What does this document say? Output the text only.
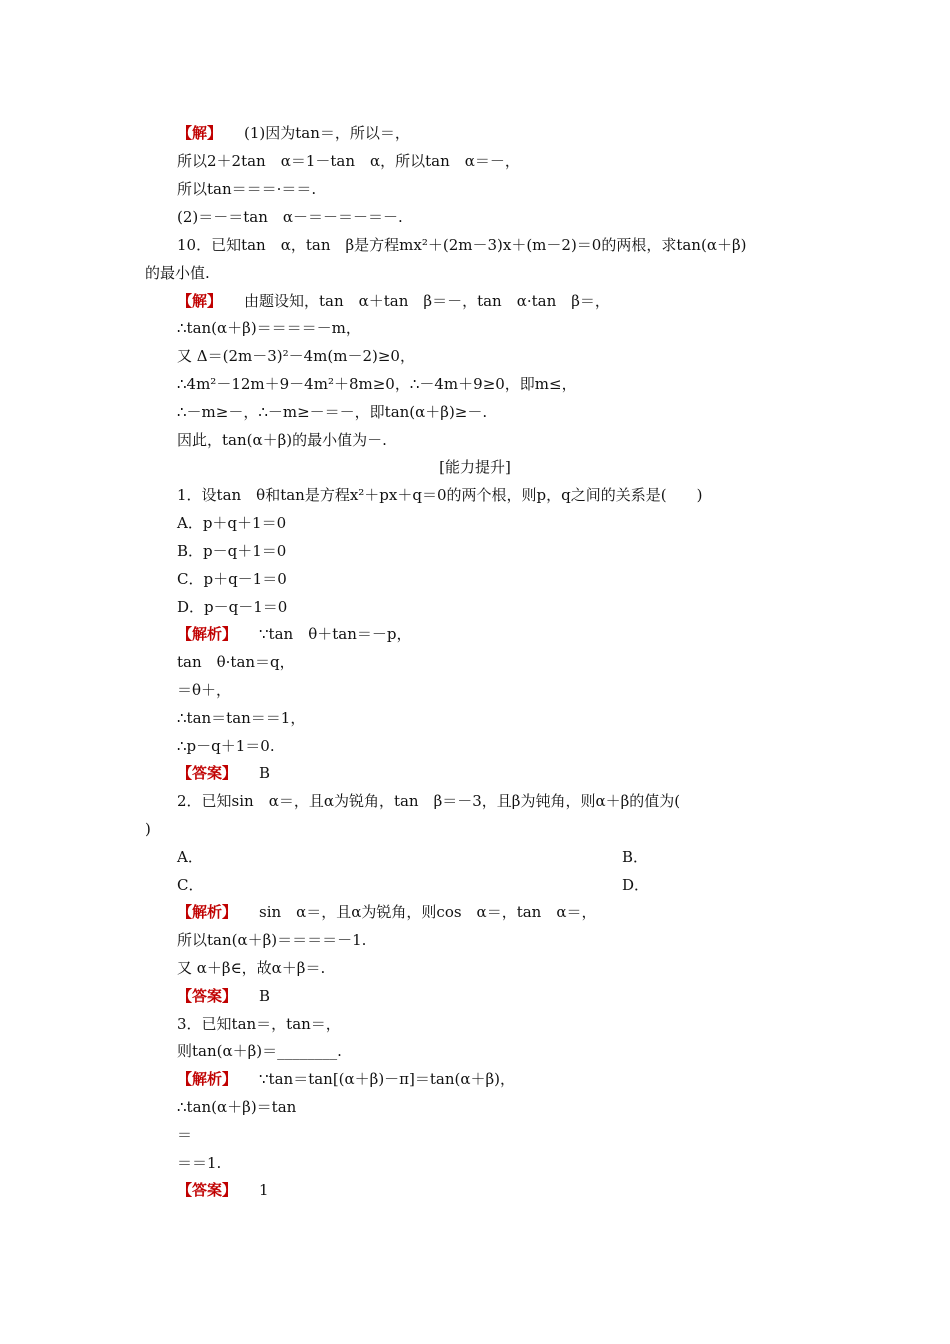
【解】 (1)因为tan＝，所以＝，
所以2＋2tan　α＝1－tan　α，所以tan　α＝－，
所以tan＝＝＝·＝＝.
(2)＝－＝tan　α－＝－＝－＝－.
10．已知tan　α，tan　β是方程mx²＋(2m－3)x＋(m－2)＝0的两根，求tan(α＋β)
的最小值.
【解】 由题设知，tan　α＋tan　β＝－，tan　α·tan　β＝，
∴tan(α＋β)＝＝＝＝－m，
又 Δ＝(2m－3)²－4m(m－2)≥0，
∴4m²－12m＋9－4m²＋8m≥0，∴－4m＋9≥0，即m≤，
∴－m≥－，∴－m≥－＝－，即tan(α＋β)≥－.
因此，tan(α＋β)的最小值为－.
[能力提升]
1．设tan　θ和tan是方程x²＋px＋q＝0的两个根，则p，q之间的关系是(　　)
A．p＋q＋1＝0
B．p－q＋1＝0
C．p＋q－1＝0
D．p－q－1＝0
【解析】 ∵tan　θ＋tan＝－p，
tan　θ·tan＝q，
＝θ＋，
∴tan＝tan＝＝1，
∴p－q＋1＝0.
【答案】 B
2．已知sin　α＝，且α为锐角，tan　β＝－3，且β为钝角，则α＋β的值为(
)
A．	B．
C．	D．
【解析】 sin　α＝，且α为锐角，则cos　α＝，tan　α＝，
所以tan(α＋β)＝＝＝＝－1.
又 α＋β∈，故α＋β＝.
【答案】 B
3．已知tan＝，tan＝，
则tan(α＋β)＝________.
【解析】 ∵tan＝tan[(α＋β)－π]＝tan(α＋β)，
∴tan(α＋β)＝tan
＝
＝＝1.
【答案】 1
